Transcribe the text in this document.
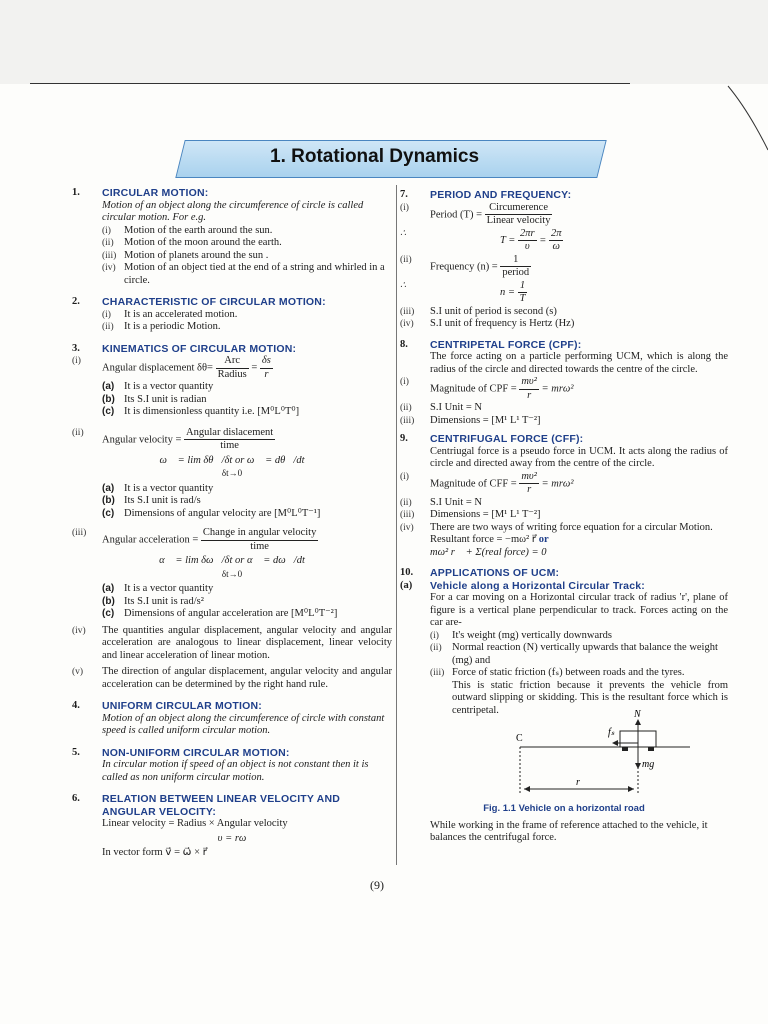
1. Rotational Dynamics
1. CIRCULAR MOTION:
Motion of an object along the circumference of circle is called circular motion. For e.g.
(i) Motion of the earth around the sun.
(ii) Motion of the moon around the earth.
(iii) Motion of planets around the sun .
(iv) Motion of an object tied at the end of a string and whirled in a circle.
2. CHARACTERISTIC OF CIRCULAR MOTION:
(i) It is an accelerated motion.
(ii) It is a periodic Motion.
3. KINEMATICS OF CIRCULAR MOTION:
(i)
Angular displacement $\delta\theta= \frac{\text{Arc}}{\text{Radius}} = \frac{\delta s}{r}$
(a) It is a vector quantity
(b) Its S.I unit is radian
(c) It is dimensionless quantity i.e. [M⁰L⁰T⁰]
(ii)
Angular velocity = $\frac{\text{Angular dislacement}}{\text{time}}$
ω⃗ = lim δθ⃗/δt or ω⃗ = dθ⃗/dt
δt→0
(a) It is a vector quantity
(b) Its S.I unit is rad/s
(c) Dimensions of angular velocity are [M⁰L⁰T⁻¹]
(iii)
Angular acceleration = $\frac{\text{Change in angular velocity}}{\text{time}}$
α⃗ = lim δω⃗/δt or α⃗ = dω⃗/dt
δt→0
(a) It is a vector quantity
(b) Its S.I unit is rad/s²
(c) Dimensions of angular acceleration are [M⁰L⁰T⁻²]
(iv) The quantities angular displacement, angular velocity and angular acceleration are analogous to linear displacement, linear velocity and linear acceleration of linear motion.
(v) The direction of angular displacement, angular velocity and angular acceleration can be determined by the right hand rule.
4. UNIFORM CIRCULAR MOTION:
Motion of an object along the circumference of circle with constant speed is called uniform circular motion.
5. NON-UNIFORM CIRCULAR MOTION:
In circular motion if speed of an object is not constant then it is called as non uniform circular motion.
6. RELATION BETWEEN LINEAR VELOCITY AND ANGULAR VELOCITY:
Linear velocity = Radius × Angular velocity
υ = rω
In vector form v⃗ = ω⃗ × r⃗
7. PERIOD AND FREQUENCY:
(i)
Period $(T) = \frac{\text{Circumerence}}{\text{Linear velocity}}$
∴
$T = \frac{2\pi r}{\upsilon} = \frac{2\pi}{\omega}$
(ii)
Frequency $(n) = \frac{1}{\text{period}}$
∴
$n = \frac{1}{T}$
(iii) S.I unit of period is second (s)
(iv) S.I unit of frequency is Hertz (Hz)
8. CENTRIPETAL FORCE (CPF):
The force acting on a particle performing UCM, which is along the radius of the circle and directed towards the centre of the circle.
(i)
Magnitude of CPF = $\frac{\text{mυ²}}{r} = mr\omega^2$
(ii) S.I Unit = N
(iii) Dimensions = [M¹ L¹ T⁻²]
9. CENTRIFUGAL FORCE (CFF):
Centriugal force is a pseudo force in UCM. It acts along the radius of circle and directed away from the centre of the circle.
(i)
Magnitude of CFF = $\frac{\text{mυ²}}{r} = mr\omega^2$
(ii) S.I Unit = N
(iii) Dimensions = [M¹ L¹ T⁻²]
(iv) There are two ways of writing force equation for a circular Motion.
Resultant force = −mω² r⃗ or
mω² r⃗ + Σ(real force) = 0
10. APPLICATIONS OF UCM:
(a) Vehicle along a Horizontal Circular Track:
For a car moving on a Horizontal circular track of radius 'r', plane of figure is a vertical plane perpendicular to track. Forces acting on the car are-
(i) It's weight (mg) vertically downwards
(ii) Normal reaction (N) vertically upwards that balance the weight (mg) and
(iii) Force of static friction (fₛ) between roads and the tyres.
This is static friction because it prevents the vehicle from outward slipping or skidding. This is the resultant force which is centripetal.	N
C
fₛ
mg
r
Fig. 1.1 Vehicle on a horizontal road
While working in the frame of reference attached to the vehicle, it balances the centrifugal force.
(9)
